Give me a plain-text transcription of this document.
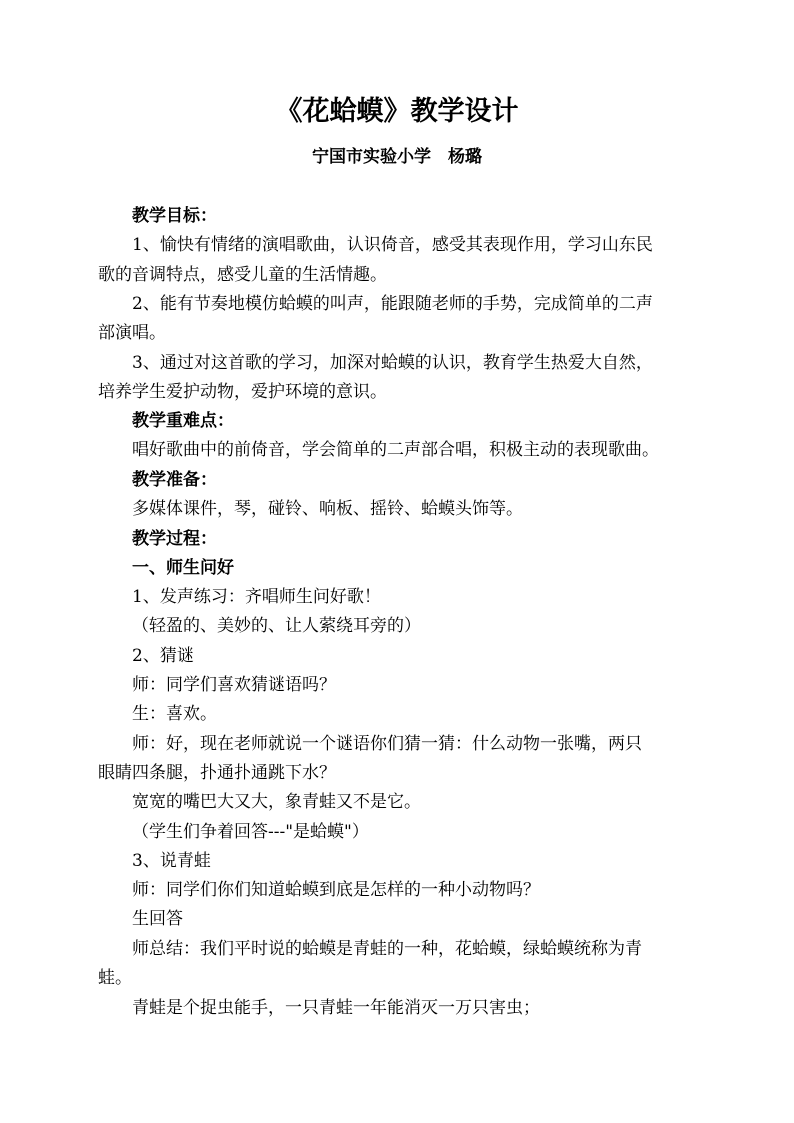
《花蛤蟆》教学设计
宁国市实验小学　杨璐
教学目标：
1、愉快有情绪的演唱歌曲，认识倚音，感受其表现作用，学习山东民
歌的音调特点，感受儿童的生活情趣。
2、能有节奏地模仿蛤蟆的叫声，能跟随老师的手势，完成简单的二声
部演唱。
3、通过对这首歌的学习，加深对蛤蟆的认识，教育学生热爱大自然，
培养学生爱护动物，爱护环境的意识。
教学重难点：
唱好歌曲中的前倚音，学会简单的二声部合唱，积极主动的表现歌曲。
教学准备：
多媒体课件，琴，碰铃、响板、摇铃、蛤蟆头饰等。
教学过程：
一、师生问好
1、发声练习：齐唱师生问好歌！
（轻盈的、美妙的、让人萦绕耳旁的）
2、猜谜
师：同学们喜欢猜谜语吗？
生：喜欢。
师：好，现在老师就说一个谜语你们猜一猜：什么动物一张嘴，两只
眼睛四条腿，扑通扑通跳下水？
宽宽的嘴巴大又大，象青蛙又不是它。
（学生们争着回答---"是蛤蟆"）
3、说青蛙
师：同学们你们知道蛤蟆到底是怎样的一种小动物吗？
生回答
师总结：我们平时说的蛤蟆是青蛙的一种，花蛤蟆，绿蛤蟆统称为青
蛙。
青蛙是个捉虫能手，一只青蛙一年能消灭一万只害虫；
